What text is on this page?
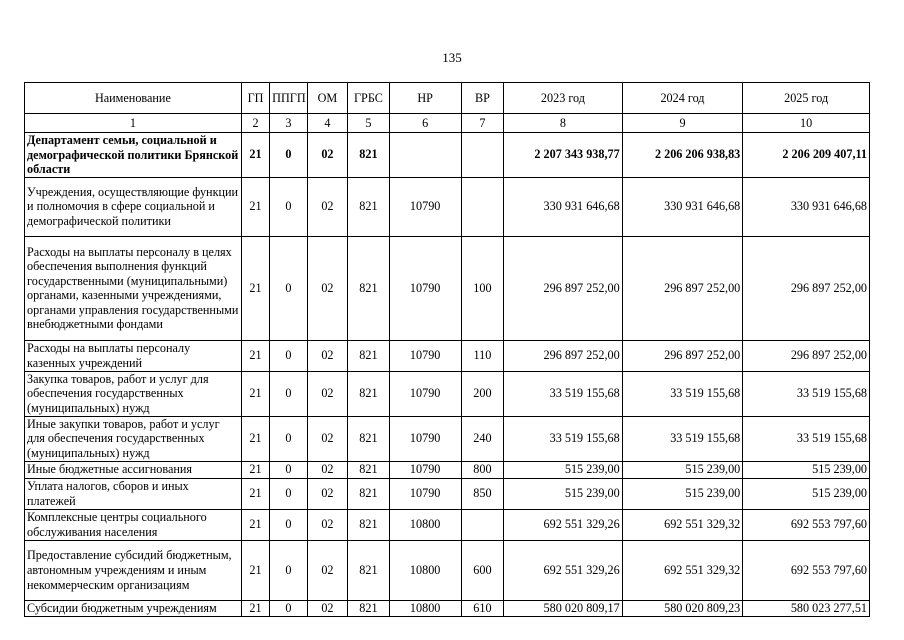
135
Наименование	ГП	ППГП	ОМ	ГРБС	НР	ВР	2023 год	2024 год	2025 год
1	2	3	4	5	6	7	8	9	10
Департамент семьи, социальной и демографической политики Брянской области	21	0	02	821			2 207 343 938,77	2 206 206 938,83	2 206 209 407,11
Учреждения, осуществляющие функции и полномочия в сфере социальной и демографической политики	21	0	02	821	10790		330 931 646,68	330 931 646,68	330 931 646,68
Расходы на выплаты персоналу в целях обеспечения выполнения функций государственными (муниципальными) органами, казенными учреждениями, органами управления государственными внебюджетными фондами	21	0	02	821	10790	100	296 897 252,00	296 897 252,00	296 897 252,00
Расходы на выплаты персоналу казенных учреждений	21	0	02	821	10790	110	296 897 252,00	296 897 252,00	296 897 252,00
Закупка товаров, работ и услуг для обеспечения государственных (муниципальных) нужд	21	0	02	821	10790	200	33 519 155,68	33 519 155,68	33 519 155,68
Иные закупки товаров, работ и услуг для обеспечения государственных (муниципальных) нужд	21	0	02	821	10790	240	33 519 155,68	33 519 155,68	33 519 155,68
Иные бюджетные ассигнования	21	0	02	821	10790	800	515 239,00	515 239,00	515 239,00
Уплата налогов, сборов и иных платежей	21	0	02	821	10790	850	515 239,00	515 239,00	515 239,00
Комплексные центры социального обслуживания населения	21	0	02	821	10800		692 551 329,26	692 551 329,32	692 553 797,60
Предоставление субсидий бюджетным, автономным учреждениям и иным некоммерческим организациям	21	0	02	821	10800	600	692 551 329,26	692 551 329,32	692 553 797,60
Субсидии бюджетным учреждениям	21	0	02	821	10800	610	580 020 809,17	580 020 809,23	580 023 277,51
